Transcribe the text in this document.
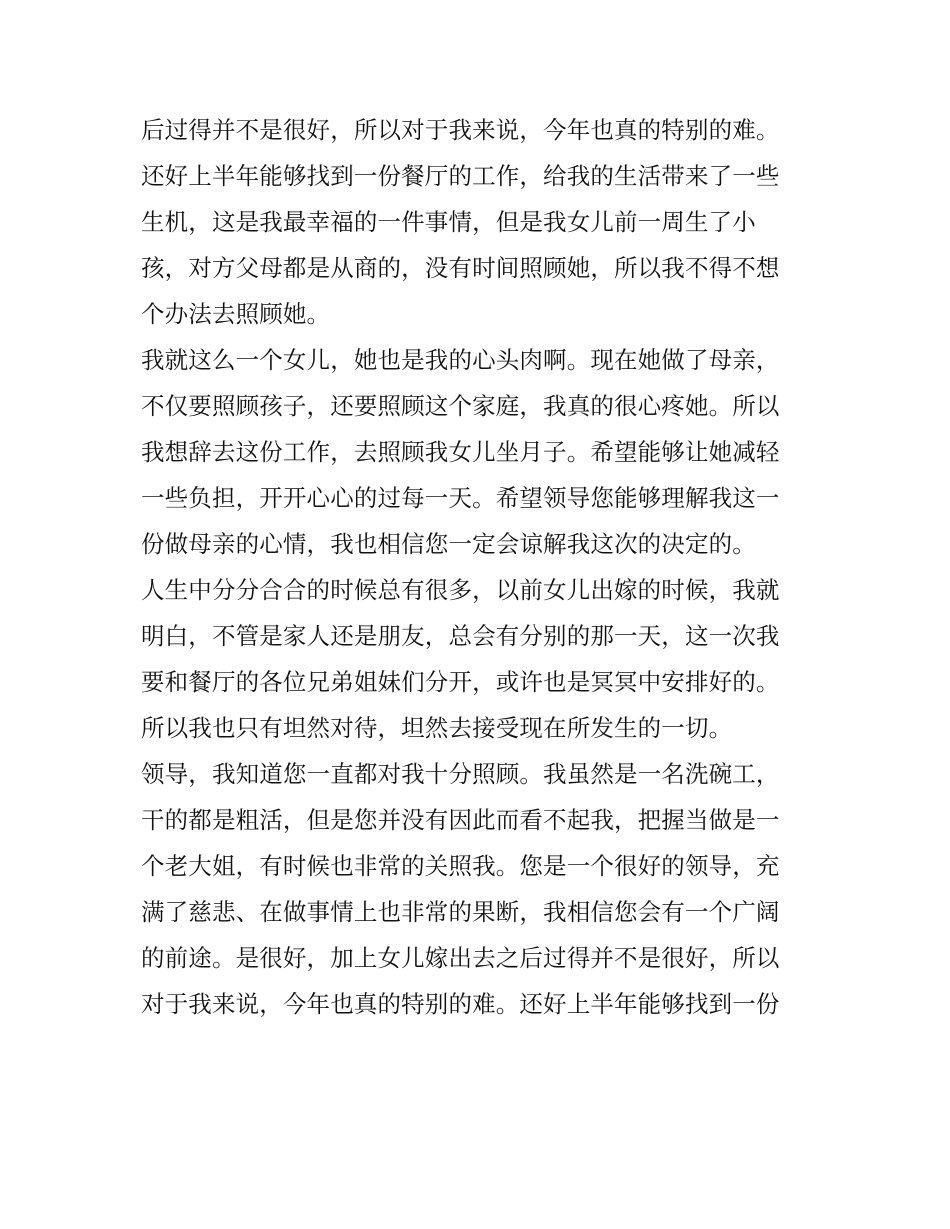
后过得并不是很好，所以对于我来说，今年也真的特别的难。
还好上半年能够找到一份餐厅的工作，给我的生活带来了一些
生机，这是我最幸福的一件事情，但是我女儿前一周生了小
孩，对方父母都是从商的，没有时间照顾她，所以我不得不想
个办法去照顾她。
我就这么一个女儿，她也是我的心头肉啊。现在她做了母亲，
不仅要照顾孩子，还要照顾这个家庭，我真的很心疼她。所以
我想辞去这份工作，去照顾我女儿坐月子。希望能够让她减轻
一些负担，开开心心的过每一天。希望领导您能够理解我这一
份做母亲的心情，我也相信您一定会谅解我这次的决定的。
人生中分分合合的时候总有很多，以前女儿出嫁的时候，我就
明白，不管是家人还是朋友，总会有分别的那一天，这一次我
要和餐厅的各位兄弟姐妹们分开，或许也是冥冥中安排好的。
所以我也只有坦然对待，坦然去接受现在所发生的一切。
领导，我知道您一直都对我十分照顾。我虽然是一名洗碗工，
干的都是粗活，但是您并没有因此而看不起我，把握当做是一
个老大姐，有时候也非常的关照我。您是一个很好的领导，充
满了慈悲、在做事情上也非常的果断，我相信您会有一个广阔
的前途。是很好，加上女儿嫁出去之后过得并不是很好，所以
对于我来说，今年也真的特别的难。还好上半年能够找到一份
